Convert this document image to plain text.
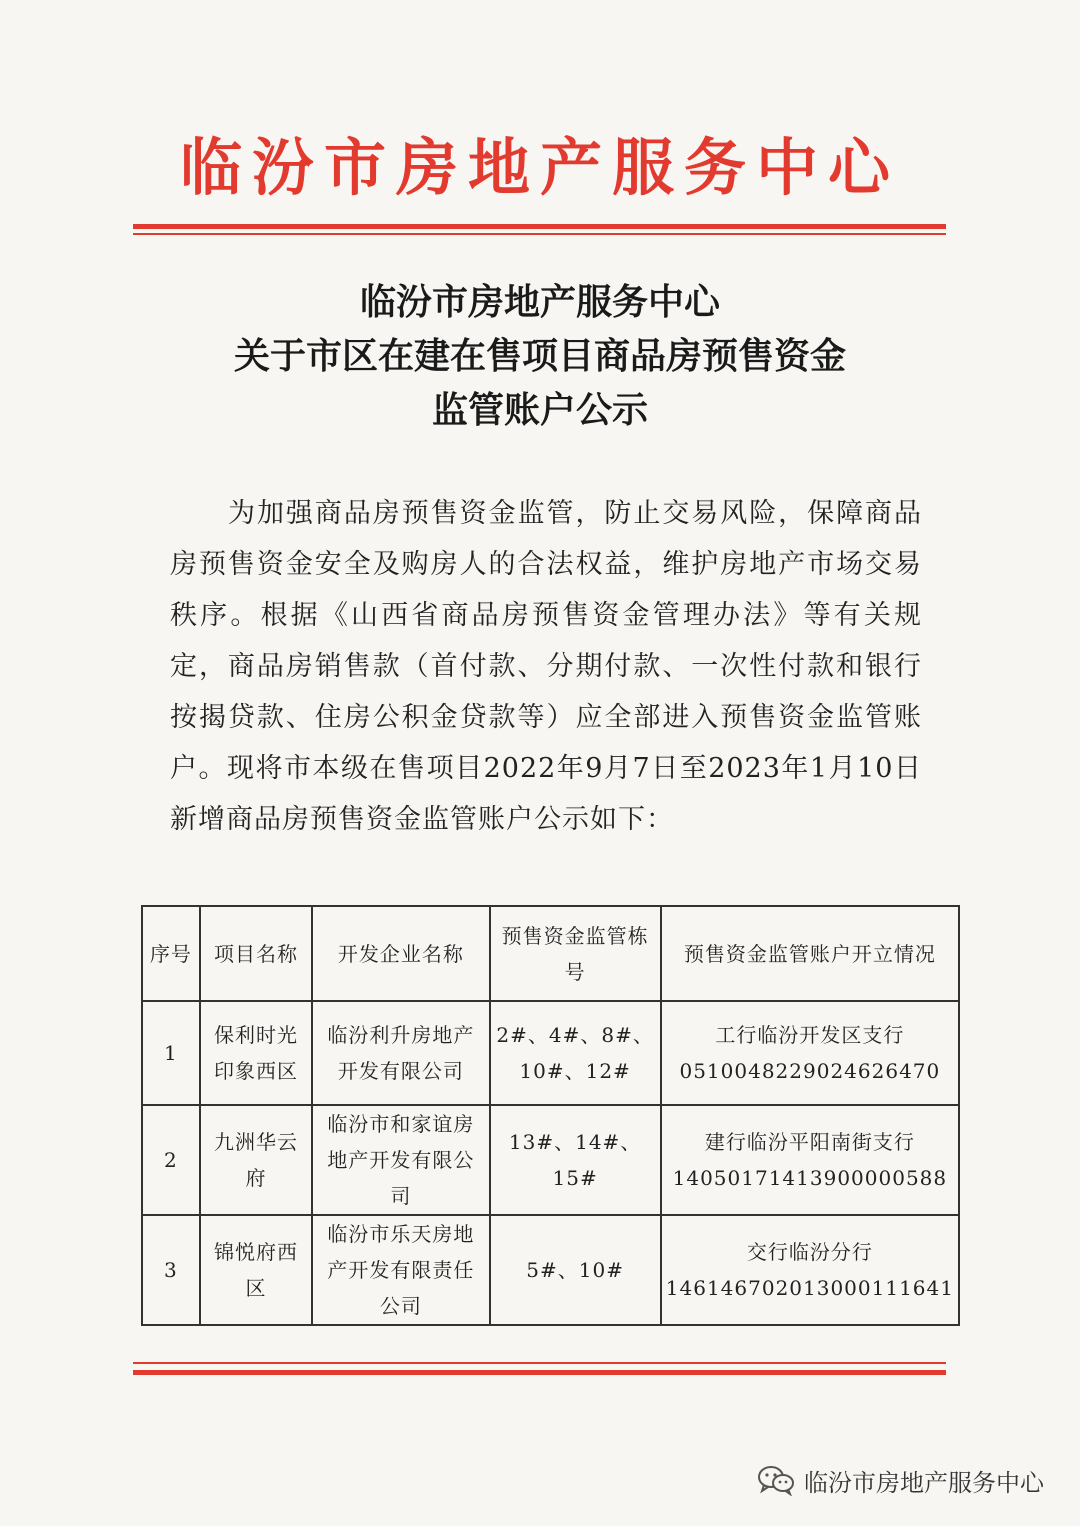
临汾市房地产服务中心
临汾市房地产服务中心
关于市区在建在售项目商品房预售资金
监管账户公示

为加强商品房预售资金监管，防止交易风险，保障商品房预售资金安全及购房人的合法权益，维护房地产市场交易秩序。根据《山西省商品房预售资金管理办法》等有关规定，商品房销售款（首付款、分期付款、一次性付款和银行按揭贷款、住房公积金贷款等）应全部进入预售资金监管账户。现将市本级在售项目2022年9月7日至2023年1月10日新增商品房预售资金监管账户公示如下：

序号	项目名称	开发企业名称	预售资金监管栋号	预售资金监管账户开立情况
1	保利时光印象西区	临汾利升房地产开发有限公司	2#、4#、8#、10#、12#	工行临汾开发区支行
0510048229024626470

2	九洲华云府	临汾市和家谊房地产开发有限公司	13#、14#、15#	建行临汾平阳南街支行
14050171413900000588

3	锦悦府西区	临汾市乐天房地产开发有限责任公司	5#、10#	交行临汾分行
146146702013000111641
临汾市房地产服务中心
